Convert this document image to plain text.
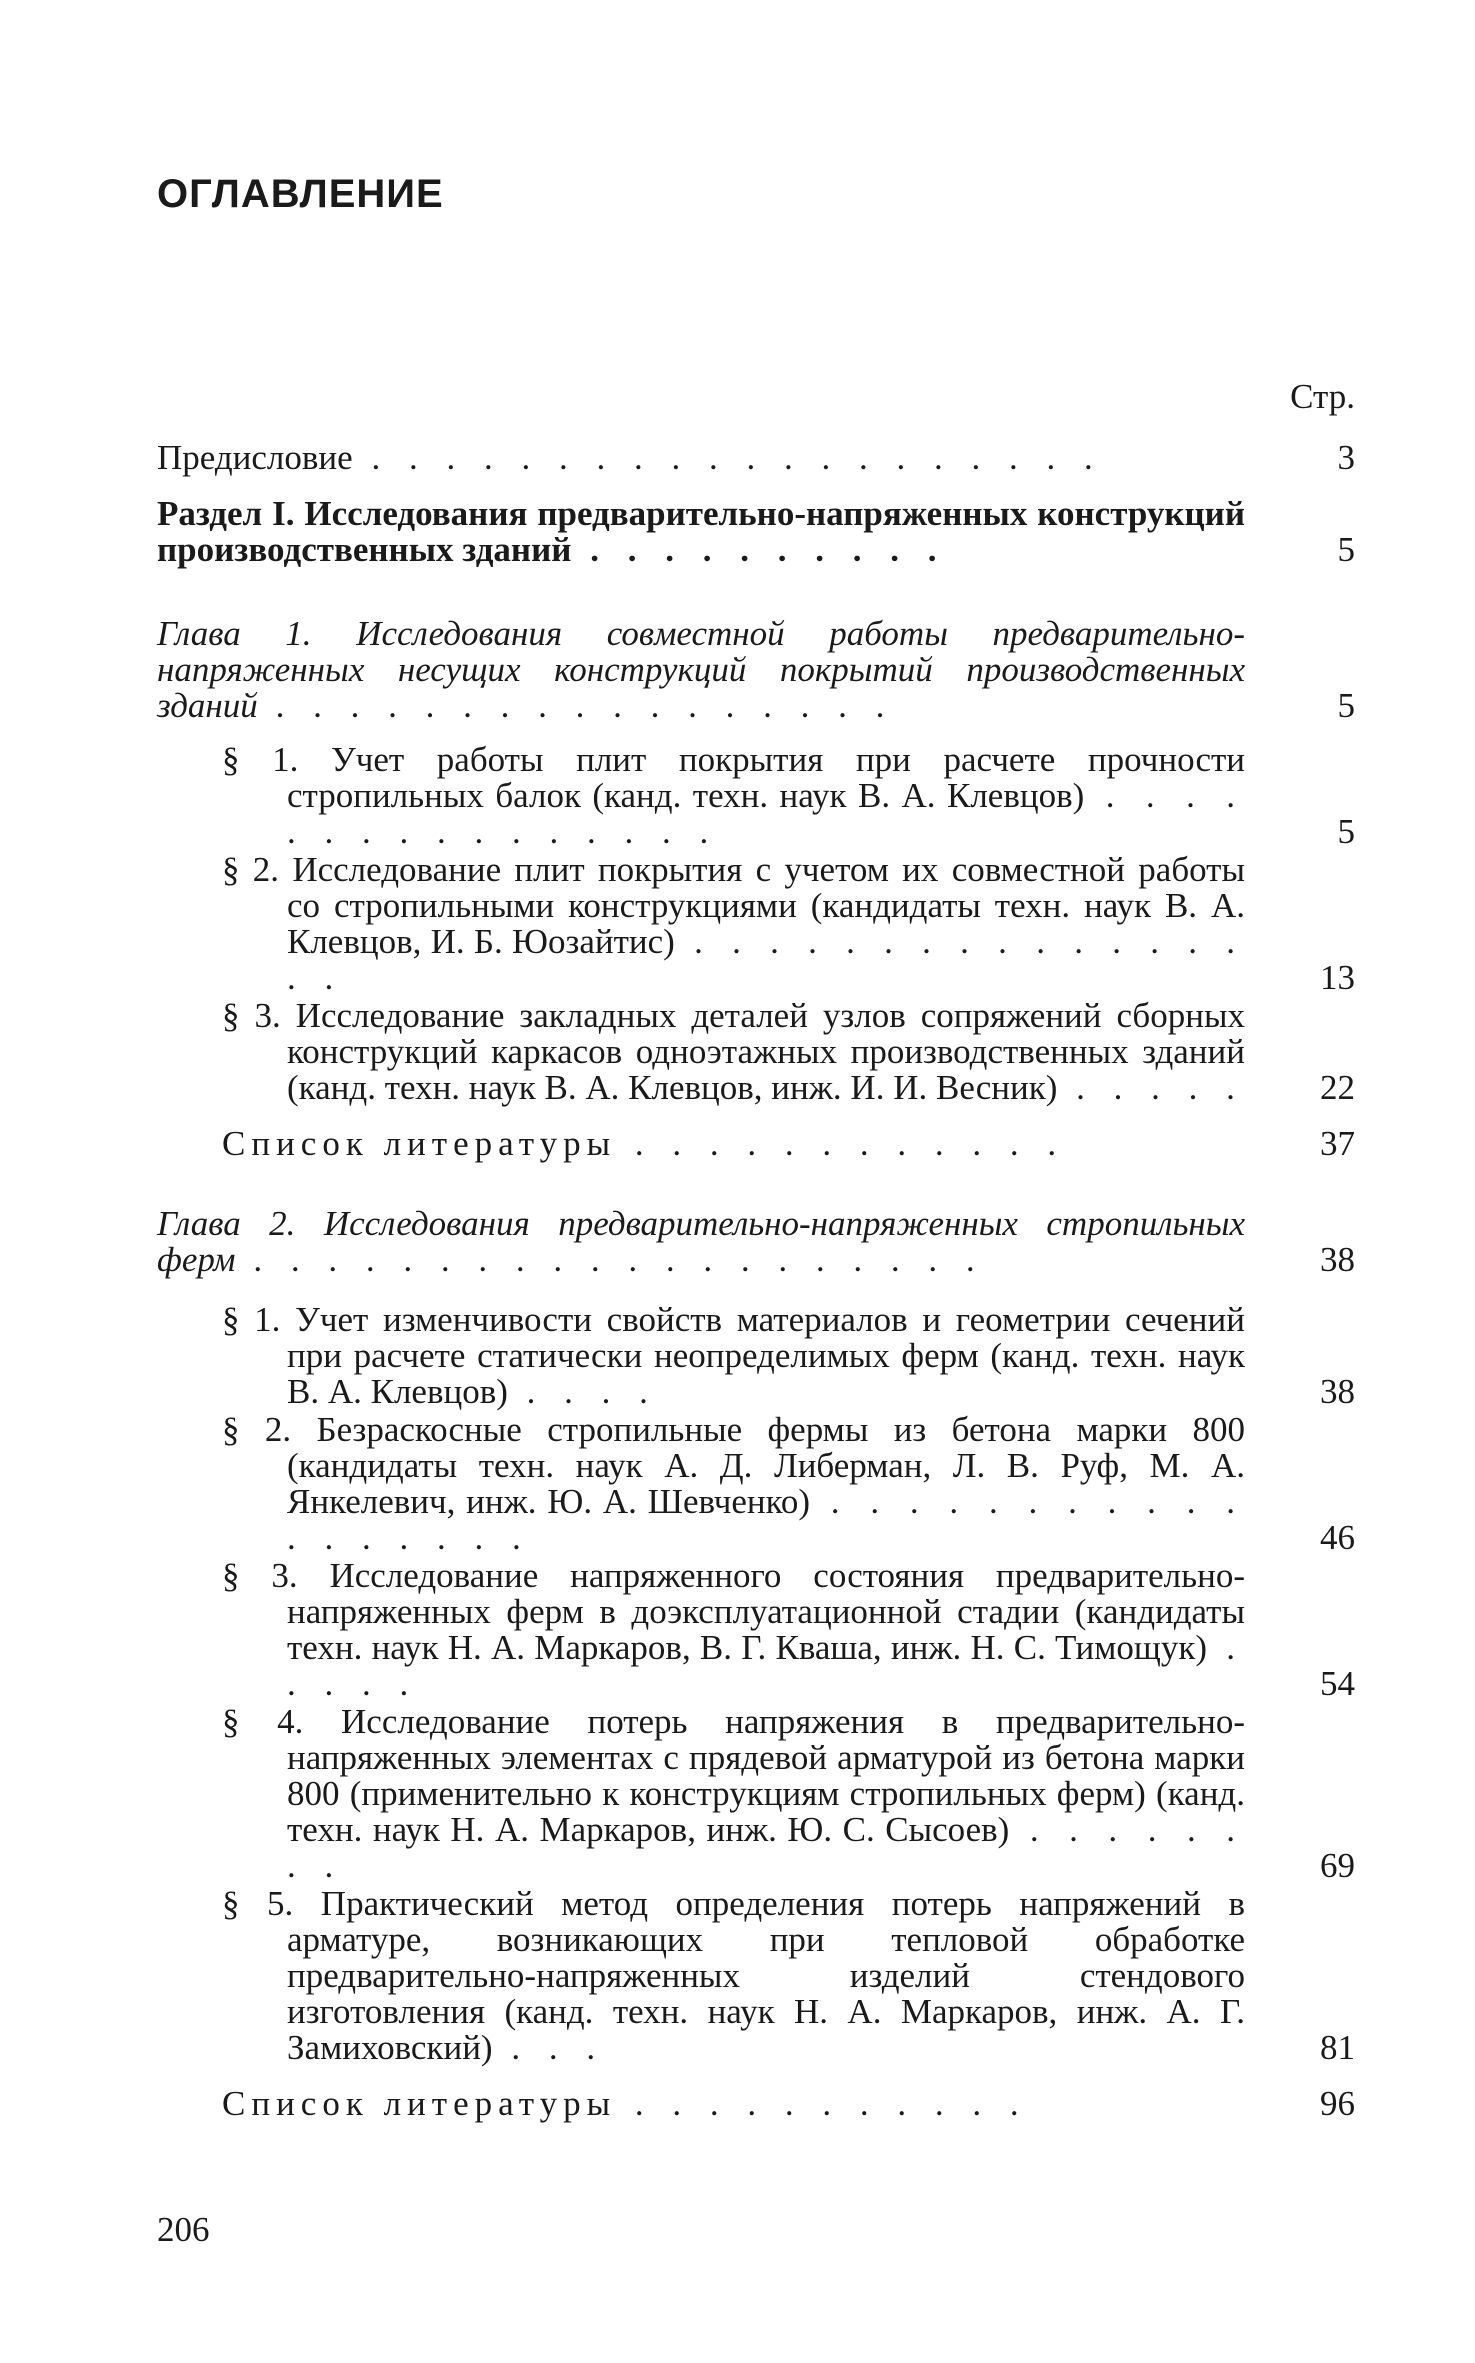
ОГЛАВЛЕНИЕ
Стр.
Предисловие . . . . . . . . . . . . . . . . . . . .	3
Раздел I. Исследования предварительно-напряженных конструкций производственных зданий . . . . . . . . . .	5
Глава 1. Исследования совместной работы предварительно-напряженных несущих конструкций покрытий производственных зданий . . . . . . . . . . . . . . . . .	5
§ 1. Учет работы плит покрытия при расчете прочности стропильных балок (канд. техн. наук В. А. Клевцов) . . . . . . . . . . . . . . . .	5
§ 2. Исследование плит покрытия с учетом их совместной работы со стропильными конструкциями (кандидаты техн. наук В. А. Клевцов, И. Б. Юозайтис) . . . . . . . . . . . . . . . . .	13
§ 3. Исследование закладных деталей узлов сопряжений сборных конструкций каркасов одноэтажных производственных зданий (канд. техн. наук В. А. Клевцов, инж. И. И. Весник) . . . . .	22
Список литературы . . . . . . . . . . . .	37
Глава 2. Исследования предварительно-напряженных стропильных ферм . . . . . . . . . . . . . . . . . . . .	38
§ 1. Учет изменчивости свойств материалов и геометрии сечений при расчете статически неопределимых ферм (канд. техн. наук В. А. Клевцов) . . . .	38
§ 2. Безраскосные стропильные фермы из бетона марки 800 (кандидаты техн. наук А. Д. Либерман, Л. В. Руф, М. А. Янкелевич, инж. Ю. А. Шевченко) . . . . . . . . . . . . . . . . . .	46
§ 3. Исследование напряженного состояния предварительно-напряженных ферм в доэксплуатационной стадии (кандидаты техн. наук Н. А. Маркаров, В. Г. Кваша, инж. Н. С. Тимощук) . . . . .	54
§ 4. Исследование потерь напряжения в предварительно-напряженных элементах с прядевой арматурой из бетона марки 800 (применительно к конструкциям стропильных ферм) (канд. техн. наук Н. А. Маркаров, инж. Ю. С. Сысоев) . . . . . . . .	69
§ 5. Практический метод определения потерь напряжений в арматуре, возникающих при тепловой обработке предварительно-напряженных изделий стендового изготовления (канд. техн. наук Н. А. Маркаров, инж. А. Г. Замиховский) . . .	81
Список литературы . . . . . . . . . . .	96
206
